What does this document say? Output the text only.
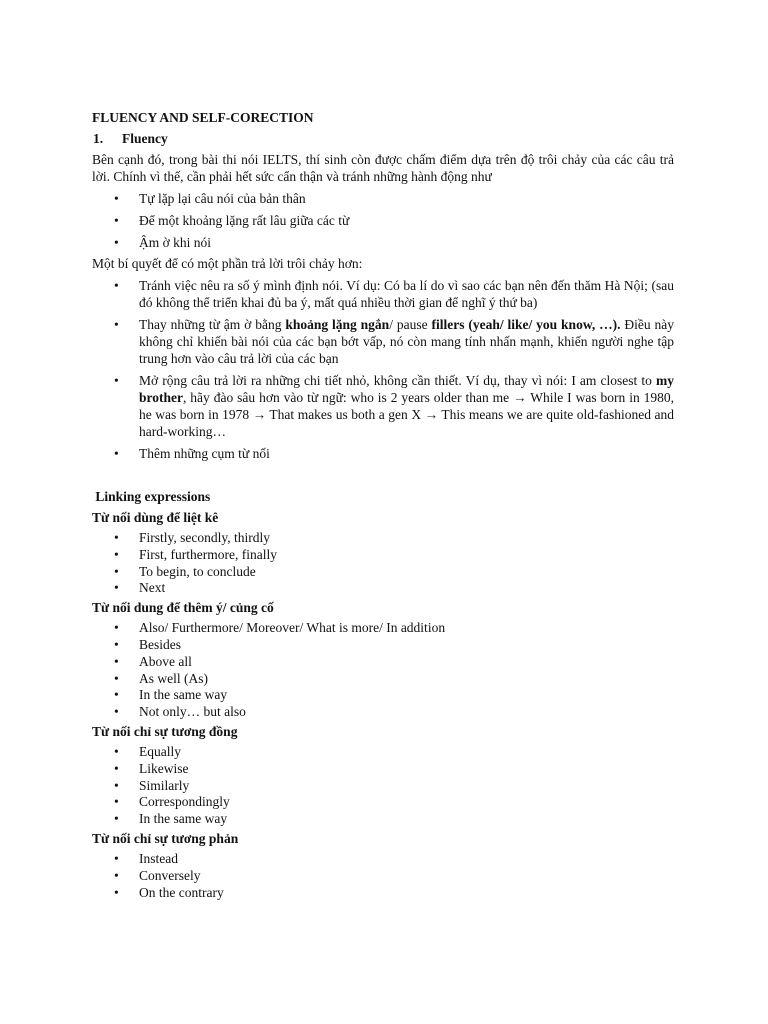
FLUENCY AND SELF-CORECTION
1. Fluency

Bên cạnh đó, trong bài thi nói IELTS, thí sinh còn được chấm điểm dựa trên độ trôi chảy của các câu trả lời. Chính vì thế, cần phải hết sức cẩn thận và tránh những hành động như

• Tự lặp lại câu nói của bản thân
• Để một khoảng lặng rất lâu giữa các từ
• Ậm ờ khi nói

Một bí quyết để có một phần trả lời trôi chảy hơn:

• Tránh việc nêu ra số ý mình định nói. Ví dụ: Có ba lí do vì sao các bạn nên đến thăm Hà Nội; (sau đó không thể triển khai đủ ba ý, mất quá nhiều thời gian để nghĩ ý thứ ba)
• Thay những từ ậm ờ bằng khoảng lặng ngắn/ pause fillers (yeah/ like/ you know, …). Điều này không chỉ khiến bài nói của các bạn bớt vấp, nó còn mang tính nhấn mạnh, khiến người nghe tập trung hơn vào câu trả lời của các bạn
• Mở rộng câu trả lời ra những chi tiết nhỏ, không cần thiết. Ví dụ, thay vì nói: I am closest to my brother, hãy đào sâu hơn vào từ ngữ: who is 2 years older than me → While I was born in 1980, he was born in 1978 → That makes us both a gen X → This means we are quite old-fashioned and hard-working…
• Thêm những cụm từ nối
Linking expressions
Từ nối dùng để liệt kê
• Firstly, secondly, thirdly
• First, furthermore, finally
• To begin, to conclude
• Next
Từ nối dung để thêm ý/ củng cố
• Also/ Furthermore/ Moreover/ What is more/ In addition
• Besides
• Above all
• As well (As)
• In the same way
• Not only… but also
Từ nối chỉ sự tương đồng
• Equally
• Likewise
• Similarly
• Correspondingly
• In the same way
Từ nối chỉ sự tương phản
• Instead
• Conversely
• On the contrary
